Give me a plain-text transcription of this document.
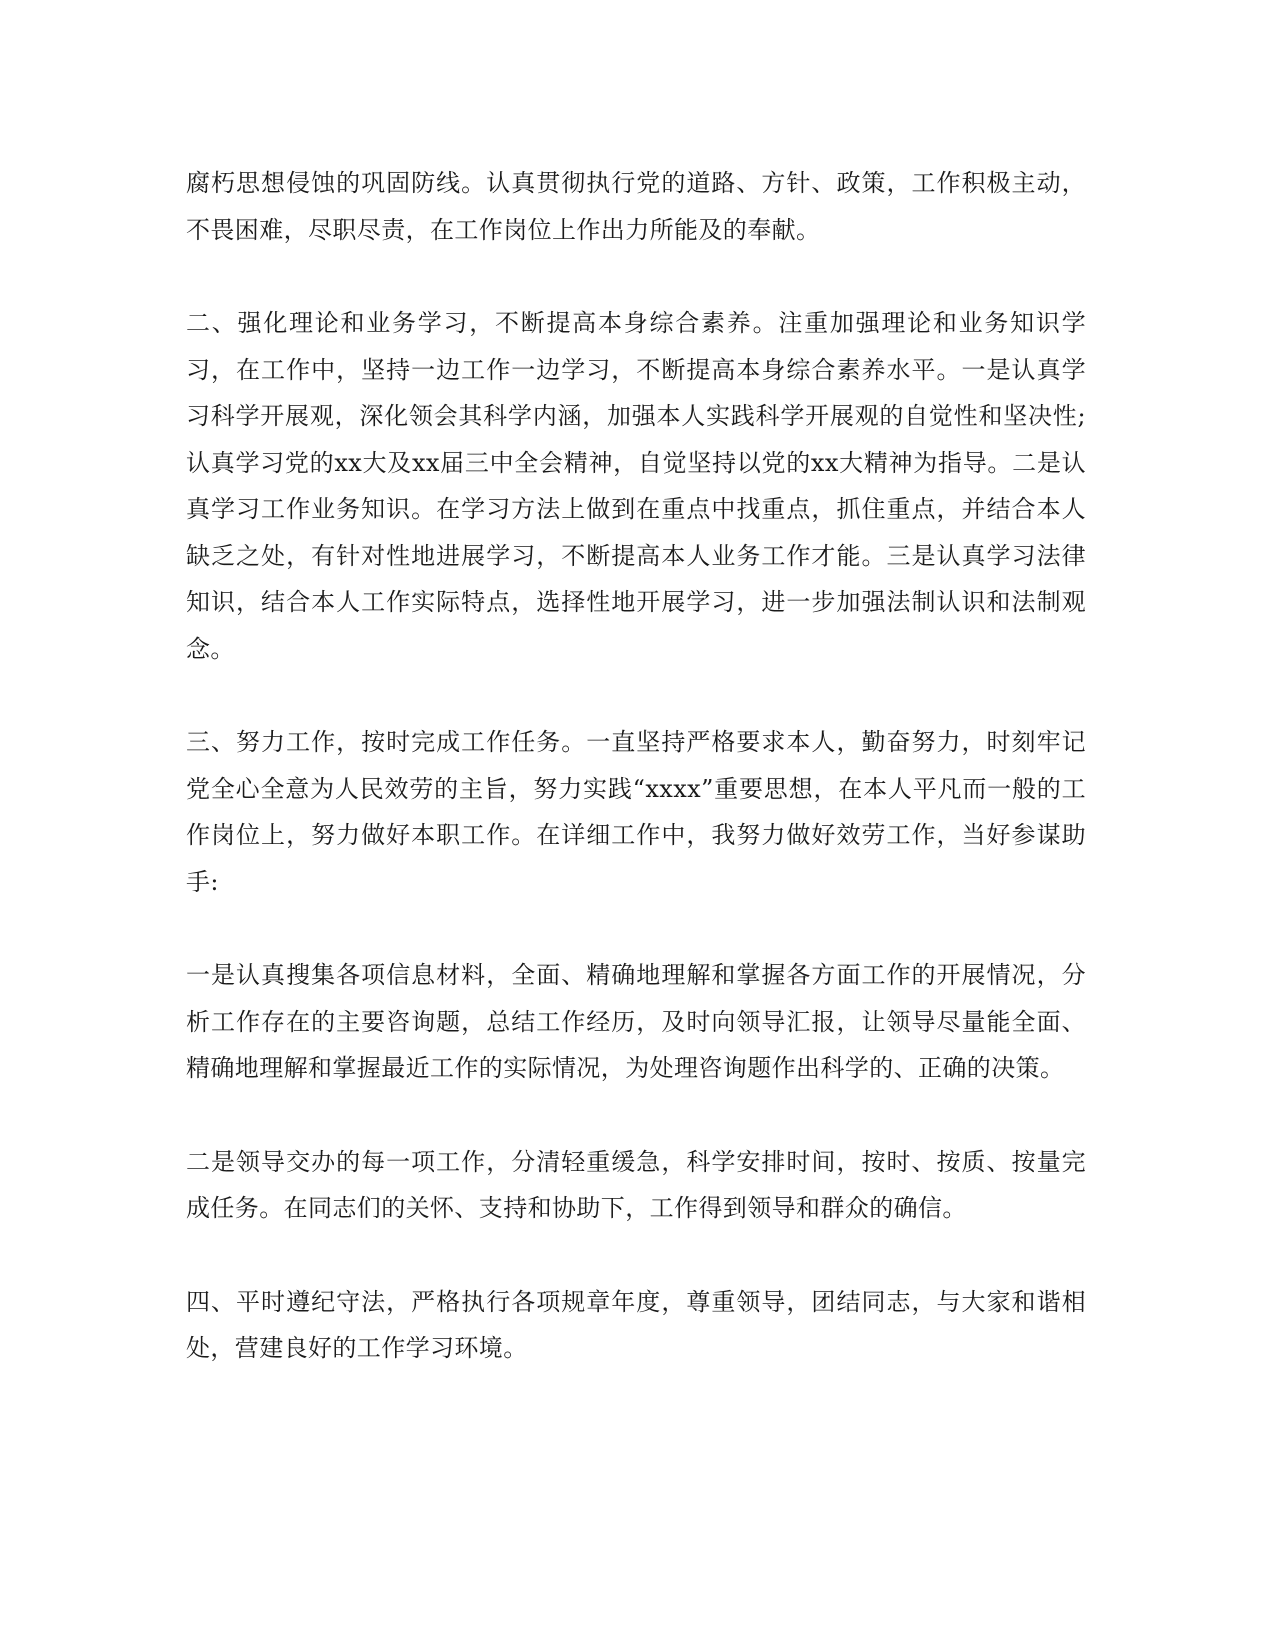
腐朽思想侵蚀的巩固防线。认真贯彻执行党的道路、方针、政策，工作积极主动，不畏困难，尽职尽责，在工作岗位上作出力所能及的奉献。

二、强化理论和业务学习，不断提高本身综合素养。注重加强理论和业务知识学习，在工作中，坚持一边工作一边学习，不断提高本身综合素养水平。一是认真学习科学开展观，深化领会其科学内涵，加强本人实践科学开展观的自觉性和坚决性;认真学习党的xx大及xx届三中全会精神，自觉坚持以党的xx大精神为指导。二是认真学习工作业务知识。在学习方法上做到在重点中找重点，抓住重点，并结合本人缺乏之处，有针对性地进展学习，不断提高本人业务工作才能。三是认真学习法律知识，结合本人工作实际特点，选择性地开展学习，进一步加强法制认识和法制观念。

三、努力工作，按时完成工作任务。一直坚持严格要求本人，勤奋努力，时刻牢记党全心全意为人民效劳的主旨，努力实践“xxxx”重要思想，在本人平凡而一般的工作岗位上，努力做好本职工作。在详细工作中，我努力做好效劳工作，当好参谋助手:

一是认真搜集各项信息材料，全面、精确地理解和掌握各方面工作的开展情况，分析工作存在的主要咨询题，总结工作经历，及时向领导汇报，让领导尽量能全面、精确地理解和掌握最近工作的实际情况，为处理咨询题作出科学的、正确的决策。

二是领导交办的每一项工作，分清轻重缓急，科学安排时间，按时、按质、按量完成任务。在同志们的关怀、支持和协助下，工作得到领导和群众的确信。

四、平时遵纪守法，严格执行各项规章年度，尊重领导，团结同志，与大家和谐相处，营建良好的工作学习环境。
